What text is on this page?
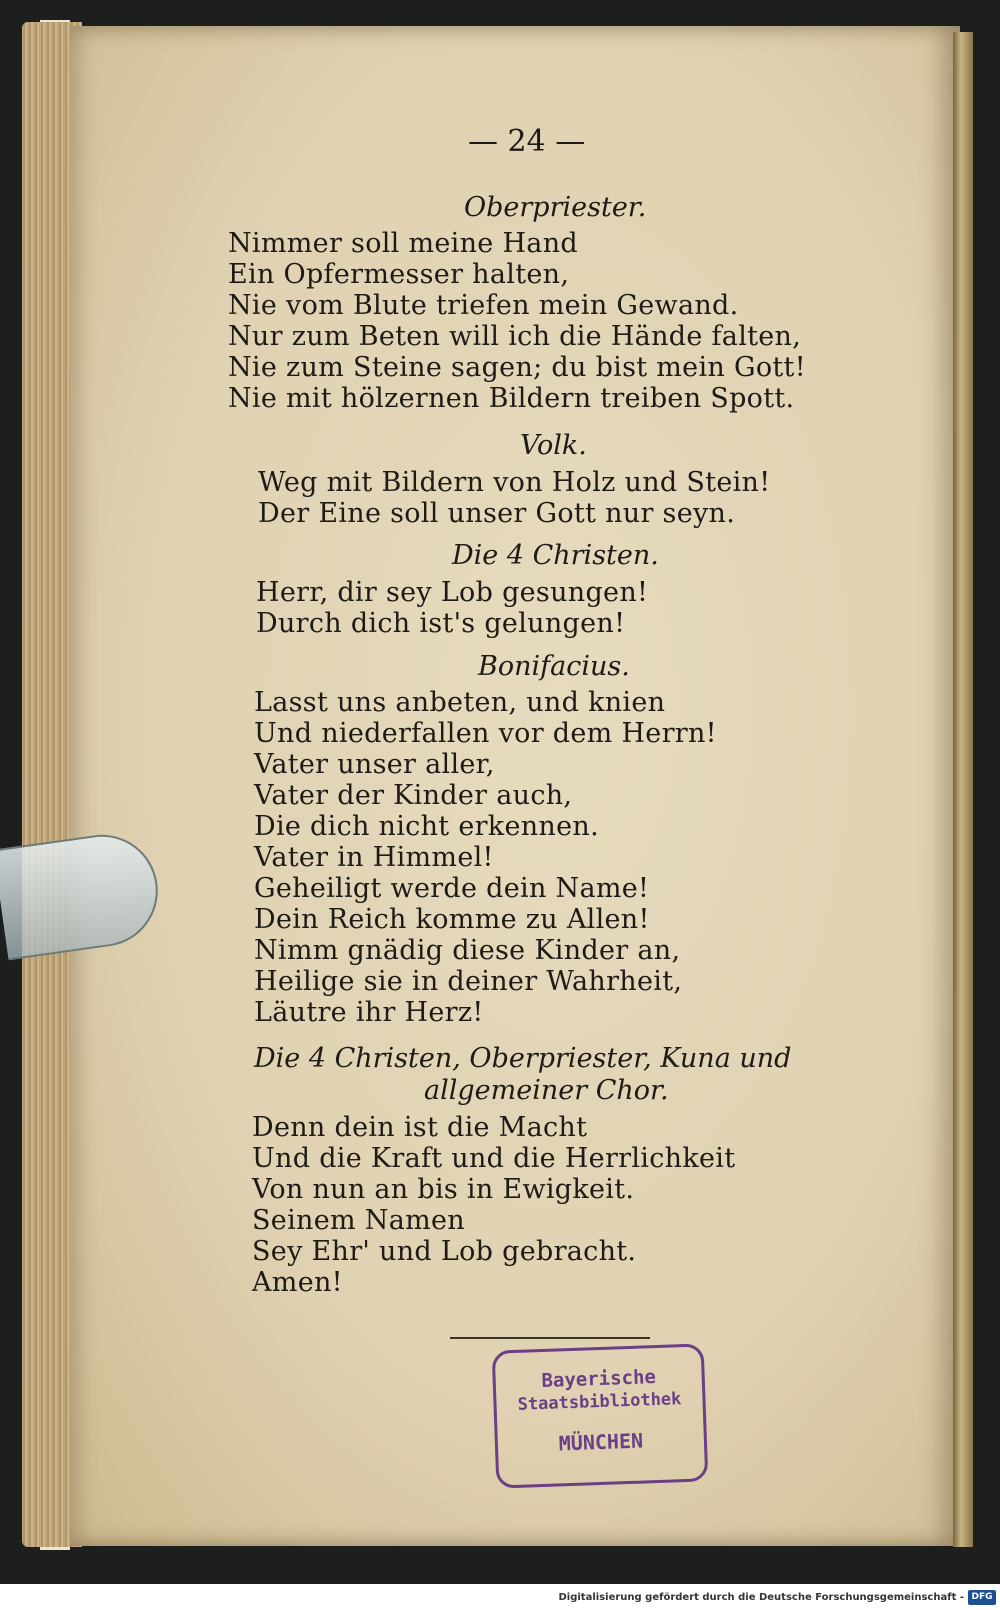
— 24 —
Oberpriester.
Nimmer soll meine Hand
Ein Opfermesser halten,
Nie vom Blute triefen mein Gewand.
Nur zum Beten will ich die Hände falten,
Nie zum Steine sagen; du bist mein Gott!
Nie mit hölzernen Bildern treiben Spott.
Volk.
Weg mit Bildern von Holz und Stein!
Der Eine soll unser Gott nur seyn.
Die 4 Christen.
Herr, dir sey Lob gesungen!
Durch dich ist's gelungen!
Bonifacius.
Lasst uns anbeten, und knien
Und niederfallen vor dem Herrn!
Vater unser aller,
Vater der Kinder auch,
Die dich nicht erkennen.
Vater in Himmel!
Geheiligt werde dein Name!
Dein Reich komme zu Allen!
Nimm gnädig diese Kinder an,
Heilige sie in deiner Wahrheit,
Läutre ihr Herz!
Die 4 Christen, Oberpriester, Kuna und
allgemeiner Chor.
Denn dein ist die Macht
Und die Kraft und die Herrlichkeit
Von nun an bis in Ewigkeit.
Seinem Namen
Sey Ehr' und Lob gebracht.
Amen!
Bayerische
Staatsbibliothek
MÜNCHEN
Digitalisierung gefördert durch die Deutsche Forschungsgemeinschaft - DFG
